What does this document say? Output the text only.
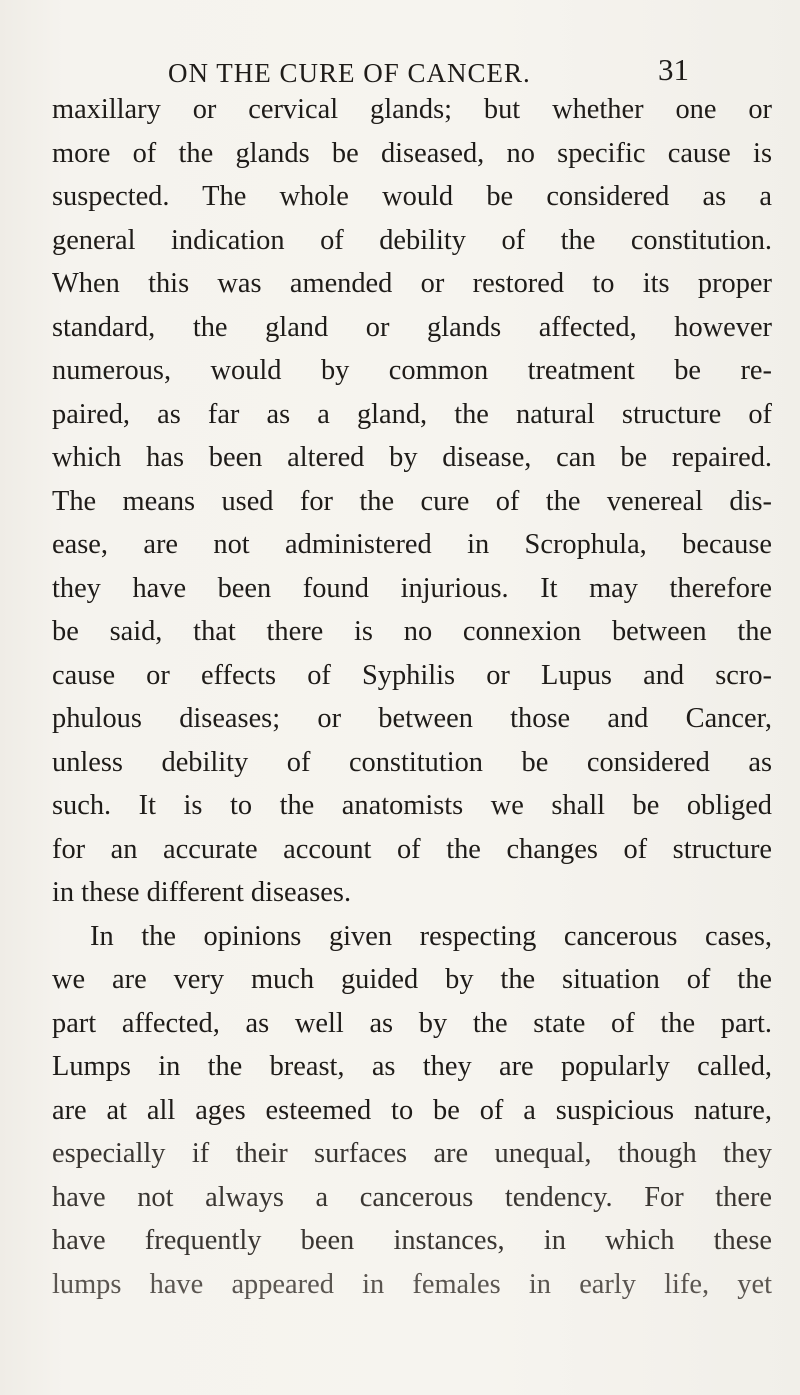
ON THE CURE OF CANCER.	31
maxillary or cervical glands; but whether one or
more of the glands be diseased, no specific cause is
suspected. The whole would be considered as a
general indication of debility of the constitution.
When this was amended or restored to its proper
standard, the gland or glands affected, however
numerous, would by common treatment be re-
paired, as far as a gland, the natural structure of
which has been altered by disease, can be repaired.
The means used for the cure of the venereal dis-
ease, are not administered in Scrophula, because
they have been found injurious. It may therefore
be said, that there is no connexion between the
cause or effects of Syphilis or Lupus and scro-
phulous diseases; or between those and Cancer,
unless debility of constitution be considered as
such. It is to the anatomists we shall be obliged
for an accurate account of the changes of structure
in these different diseases.
In the opinions given respecting cancerous cases,
we are very much guided by the situation of the
part affected, as well as by the state of the part.
Lumps in the breast, as they are popularly called,
are at all ages esteemed to be of a suspicious nature,
especially if their surfaces are unequal, though they
have not always a cancerous tendency. For there
have frequently been instances, in which these
lumps have appeared in females in early life, yet
